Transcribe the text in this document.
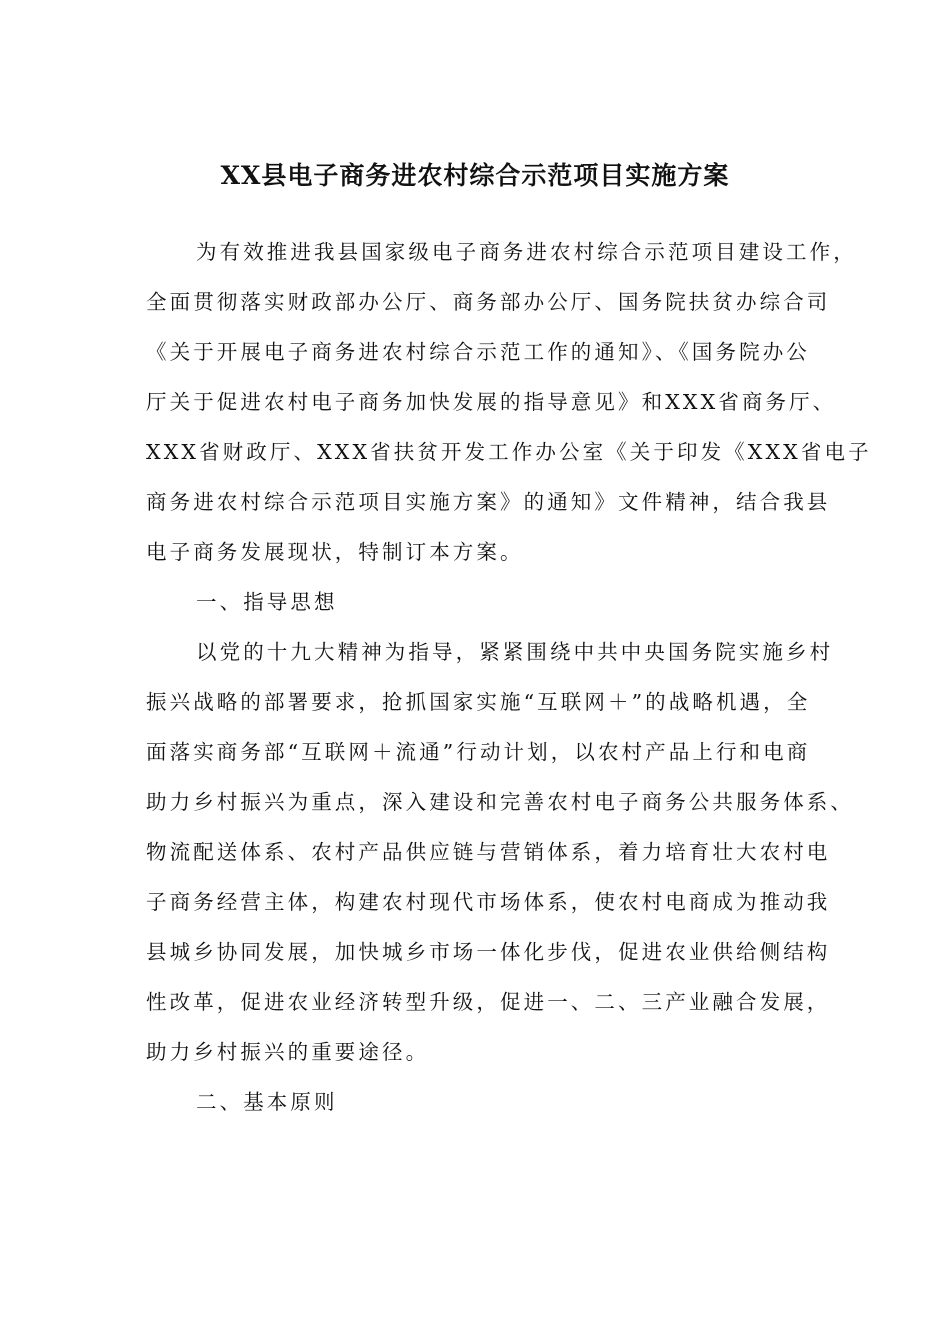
XX县电子商务进农村综合示范项目实施方案

为有效推进我县国家级电子商务进农村综合示范项目建设工作，

全面贯彻落实财政部办公厅、商务部办公厅、国务院扶贫办综合司

《关于开展电子商务进农村综合示范工作的通知》、《国务院办公

厅关于促进农村电子商务加快发展的指导意见》和XXX省商务厅、

XXX省财政厅、XXX省扶贫开发工作办公室《关于印发《XXX省电子

商务进农村综合示范项目实施方案》的通知》文件精神，结合我县

电子商务发展现状，特制订本方案。

一、指导思想

以党的十九大精神为指导，紧紧围绕中共中央国务院实施乡村

振兴战略的部署要求，抢抓国家实施“互联网＋”的战略机遇，全

面落实商务部“互联网＋流通”行动计划，以农村产品上行和电商

助力乡村振兴为重点，深入建设和完善农村电子商务公共服务体系、

物流配送体系、农村产品供应链与营销体系，着力培育壮大农村电

子商务经营主体，构建农村现代市场体系，使农村电商成为推动我

县城乡协同发展，加快城乡市场一体化步伐，促进农业供给侧结构

性改革，促进农业经济转型升级，促进一、二、三产业融合发展，

助力乡村振兴的重要途径。

二、基本原则
